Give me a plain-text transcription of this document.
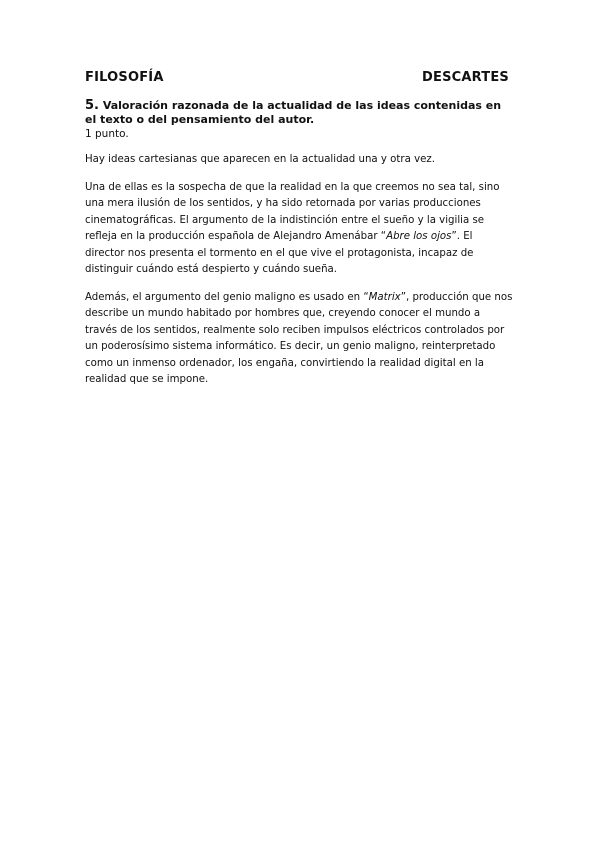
FILOSOFÍA	DESCARTES
5. Valoración razonada de la actualidad de las ideas contenidas en el texto o del pensamiento del autor.
1 punto.

Hay ideas cartesianas que aparecen en la actualidad una y otra vez.

Una de ellas es la sospecha de que la realidad en la que creemos no sea tal, sino una mera ilusión de los sentidos, y ha sido retornada por varias producciones cinematográficas. El argumento de la indistinción entre el sueño y la vigilia se refleja en la producción española de Alejandro Amenábar “Abre los ojos”. El director nos presenta el tormento en el que vive el protagonista, incapaz de distinguir cuándo está despierto y cuándo sueña.

Además, el argumento del genio maligno es usado en “Matrix”, producción que nos describe un mundo habitado por hombres que, creyendo conocer el mundo a través de los sentidos, realmente solo reciben impulsos eléctricos controlados por un poderosísimo sistema informático. Es decir, un genio maligno, reinterpretado como un inmenso ordenador, los engaña, convirtiendo la realidad digital en la realidad que se impone.
